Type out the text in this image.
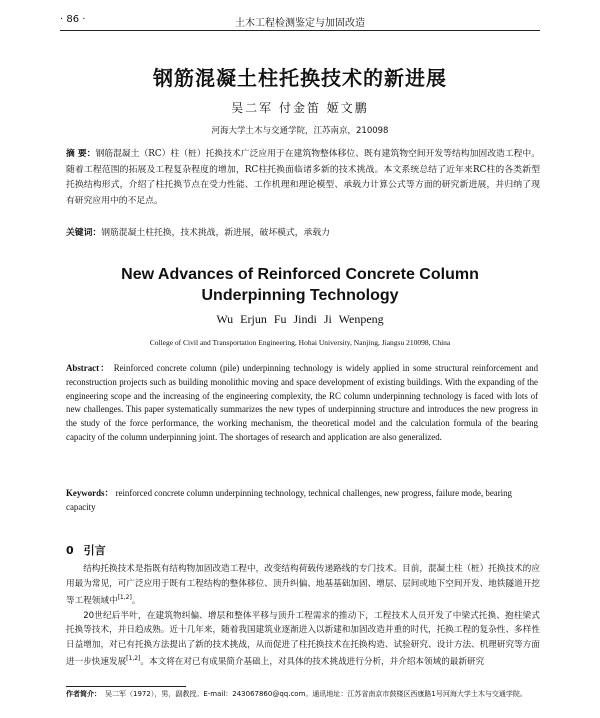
· 86 ·	土木工程检测鉴定与加固改造
钢筋混凝土柱托换技术的新进展
吴二军 付金笛 姬文鹏
河海大学土木与交通学院，江苏南京，210098
摘 要：钢筋混凝土（RC）柱（桩）托换技术广泛应用于在建筑物整体移位、既有建筑物空间开发等结构加固改造工程中。随着工程范围的拓展及工程复杂程度的增加，RC柱托换面临诸多新的技术挑战。本文系统总结了近年来RC柱的各类新型托换结构形式，介绍了柱托换节点在受力性能、工作机理和理论模型、承载力计算公式等方面的研究新进展，并归纳了现有研究应用中的不足点。
关键词：钢筋混凝土柱托换，技术挑战，新进展，破坏模式，承载力
New Advances of Reinforced Concrete Column
Underpinning Technology
Wu Erjun Fu Jindi Ji Wenpeng
College of Civil and Transportation Engineering, Hohai University, Nanjing, Jiangsu 210098, China
Abstract： Reinforced concrete column (pile) underpinning technology is widely applied in some structural reinforcement and reconstruction projects such as building monolithic moving and space development of existing buildings. With the expanding of the engineering scope and the increasing of the engineering complexity, the RC column underpinning technology is faced with lots of new challenges. This paper systematically summarizes the new types of underpinning structure and introduces the new progress in the study of the force performance, the working mechanism, the theoretical model and the calculation formula of the bearing capacity of the column underpinning joint. The shortages of research and application are also generalized.
Keywords： reinforced concrete column underpinning technology, technical challenges, new progress, failure mode, bearing capacity
0 引言

结构托换技术是指既有结构物加固改造工程中，改变结构荷载传递路线的专门技术。目前，混凝土柱（桩）托换技术的应用最为常见，可广泛应用于既有工程结构的整体移位、顶升纠偏、地基基础加固、增层、层间或地下空间开发、地铁隧道开挖等工程领域中[1,2]。

20世纪后半叶，在建筑物纠偏、增层和整体平移与顶升工程需求的推动下，工程技术人员开发了中梁式托换、抱柱梁式托换等技术，并日趋成熟。近十几年来，随着我国建筑业逐渐进入以新建和加固改造并重的时代，托换工程的复杂性、多样性日益增加，对已有托换方法提出了新的技术挑战，从而促进了柱托换技术在托换构造、试验研究、设计方法、机理研究等方面进一步快速发展[1,2]。本文将在对已有成果简介基础上，对具体的技术挑战进行分析，并介绍本领域的最新研究

作者简介： 吴二军（1972），男，副教授。E-mail：243067860@qq.com。通讯地址：江苏省南京市鼓楼区西康路1号河海大学土木与交通学院。
